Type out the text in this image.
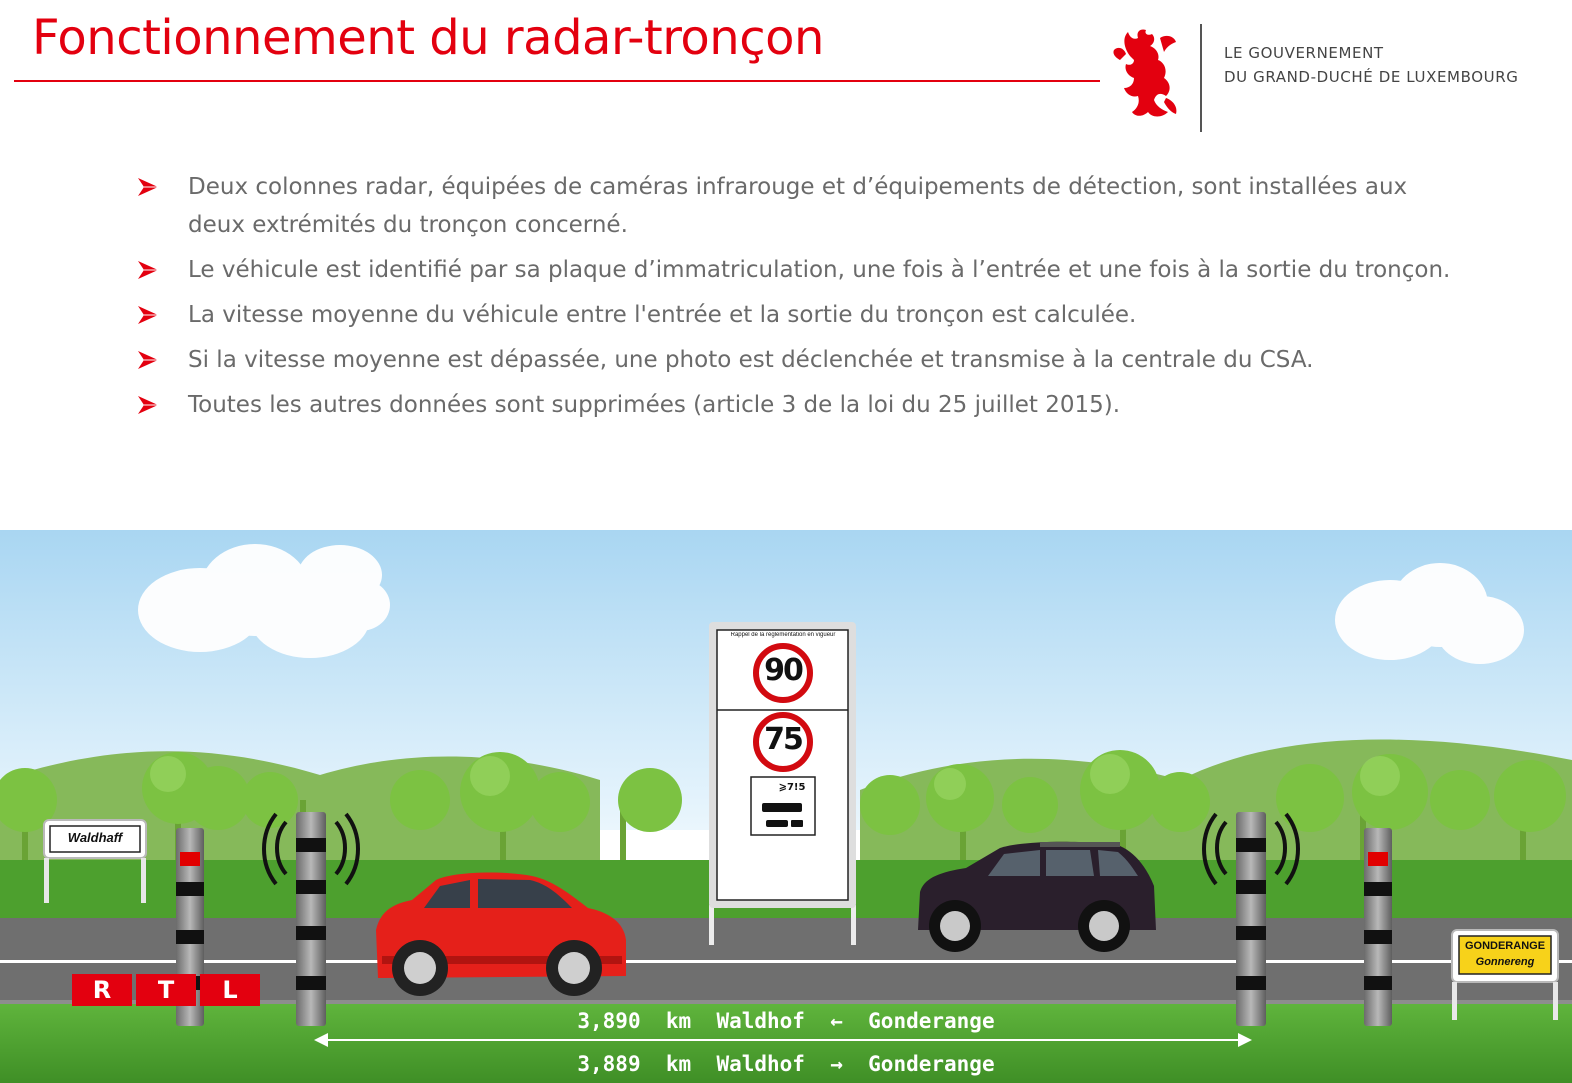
Fonctionnement du radar-tronçon	LE GOUVERNEMENT
DU GRAND-DUCHÉ DE LUXEMBOURG
Deux colonnes radar, équipées de caméras infrarouge et d’équipements de détection, sont installées aux deux extrémités du tronçon concerné.
Le véhicule est identifié par sa plaque d’immatriculation, une fois à l’entrée et une fois à la sortie du tronçon.
La vitesse moyenne du véhicule entre l'entrée et la sortie du tronçon est calculée.
Si la vitesse moyenne est dépassée, une photo est déclenchée et transmise à la centrale du CSA.
Toutes les autres données sont supprimées (article 3 de la loi du 25 juillet 2015).
Waldhaff
Rappel de la réglementation en vigueur
90
75
⩾7!5
GONDERANGE
Gonnereng
3,890  km  Waldhof  ←  Gonderange
3,889  km  Waldhof  →  Gonderange
R	T	L
